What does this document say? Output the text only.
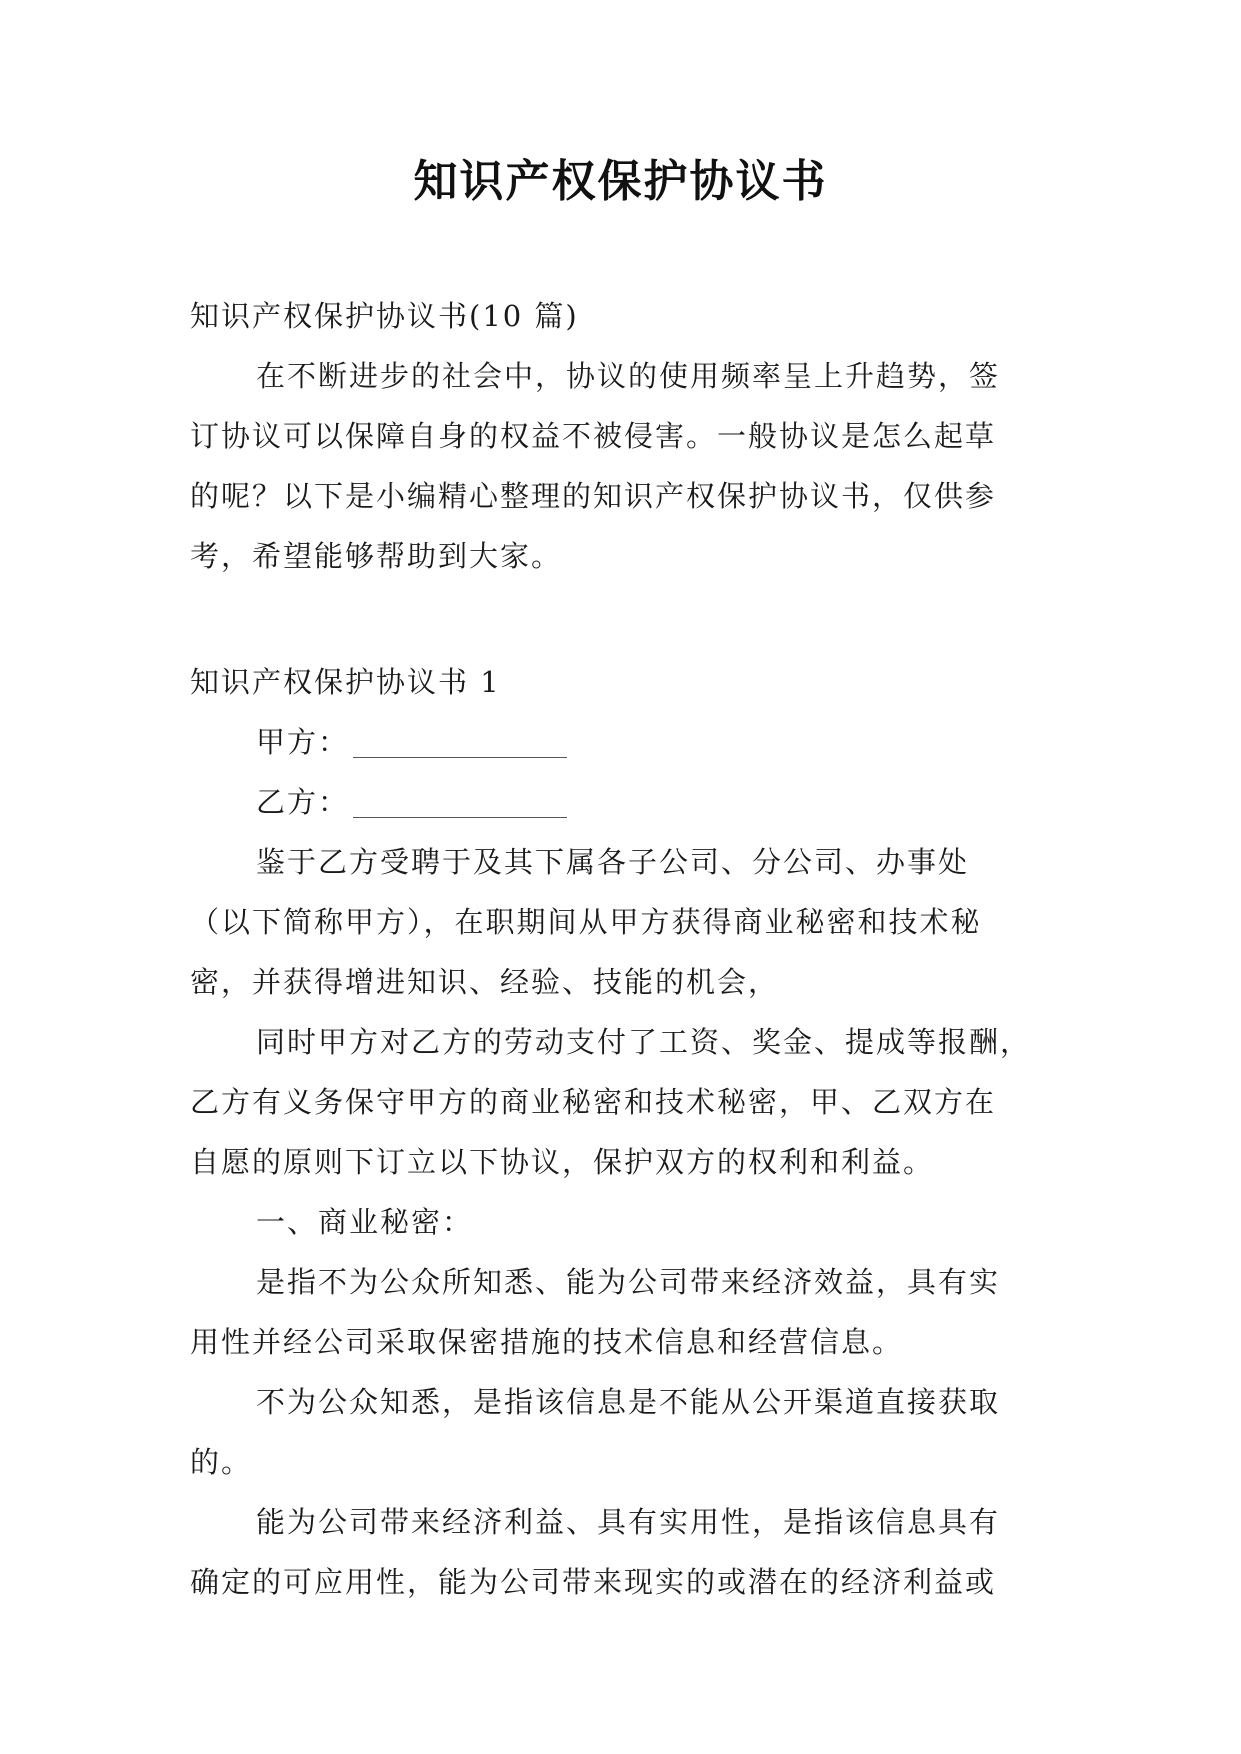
知识产权保护协议书
知识产权保护协议书(10 篇)
在不断进步的社会中，协议的使用频率呈上升趋势，签
订协议可以保障自身的权益不被侵害。一般协议是怎么起草
的呢？以下是小编精心整理的知识产权保护协议书，仅供参
考，希望能够帮助到大家。
知识产权保护协议书 1
甲方：
乙方：
鉴于乙方受聘于及其下属各子公司、分公司、办事处
（以下简称甲方），在职期间从甲方获得商业秘密和技术秘
密，并获得增进知识、经验、技能的机会，
同时甲方对乙方的劳动支付了工资、奖金、提成等报酬，
乙方有义务保守甲方的商业秘密和技术秘密，甲、乙双方在
自愿的原则下订立以下协议，保护双方的权利和利益。
一、商业秘密：
是指不为公众所知悉、能为公司带来经济效益，具有实
用性并经公司采取保密措施的技术信息和经营信息。
不为公众知悉，是指该信息是不能从公开渠道直接获取
的。
能为公司带来经济利益、具有实用性，是指该信息具有
确定的可应用性，能为公司带来现实的或潜在的经济利益或
